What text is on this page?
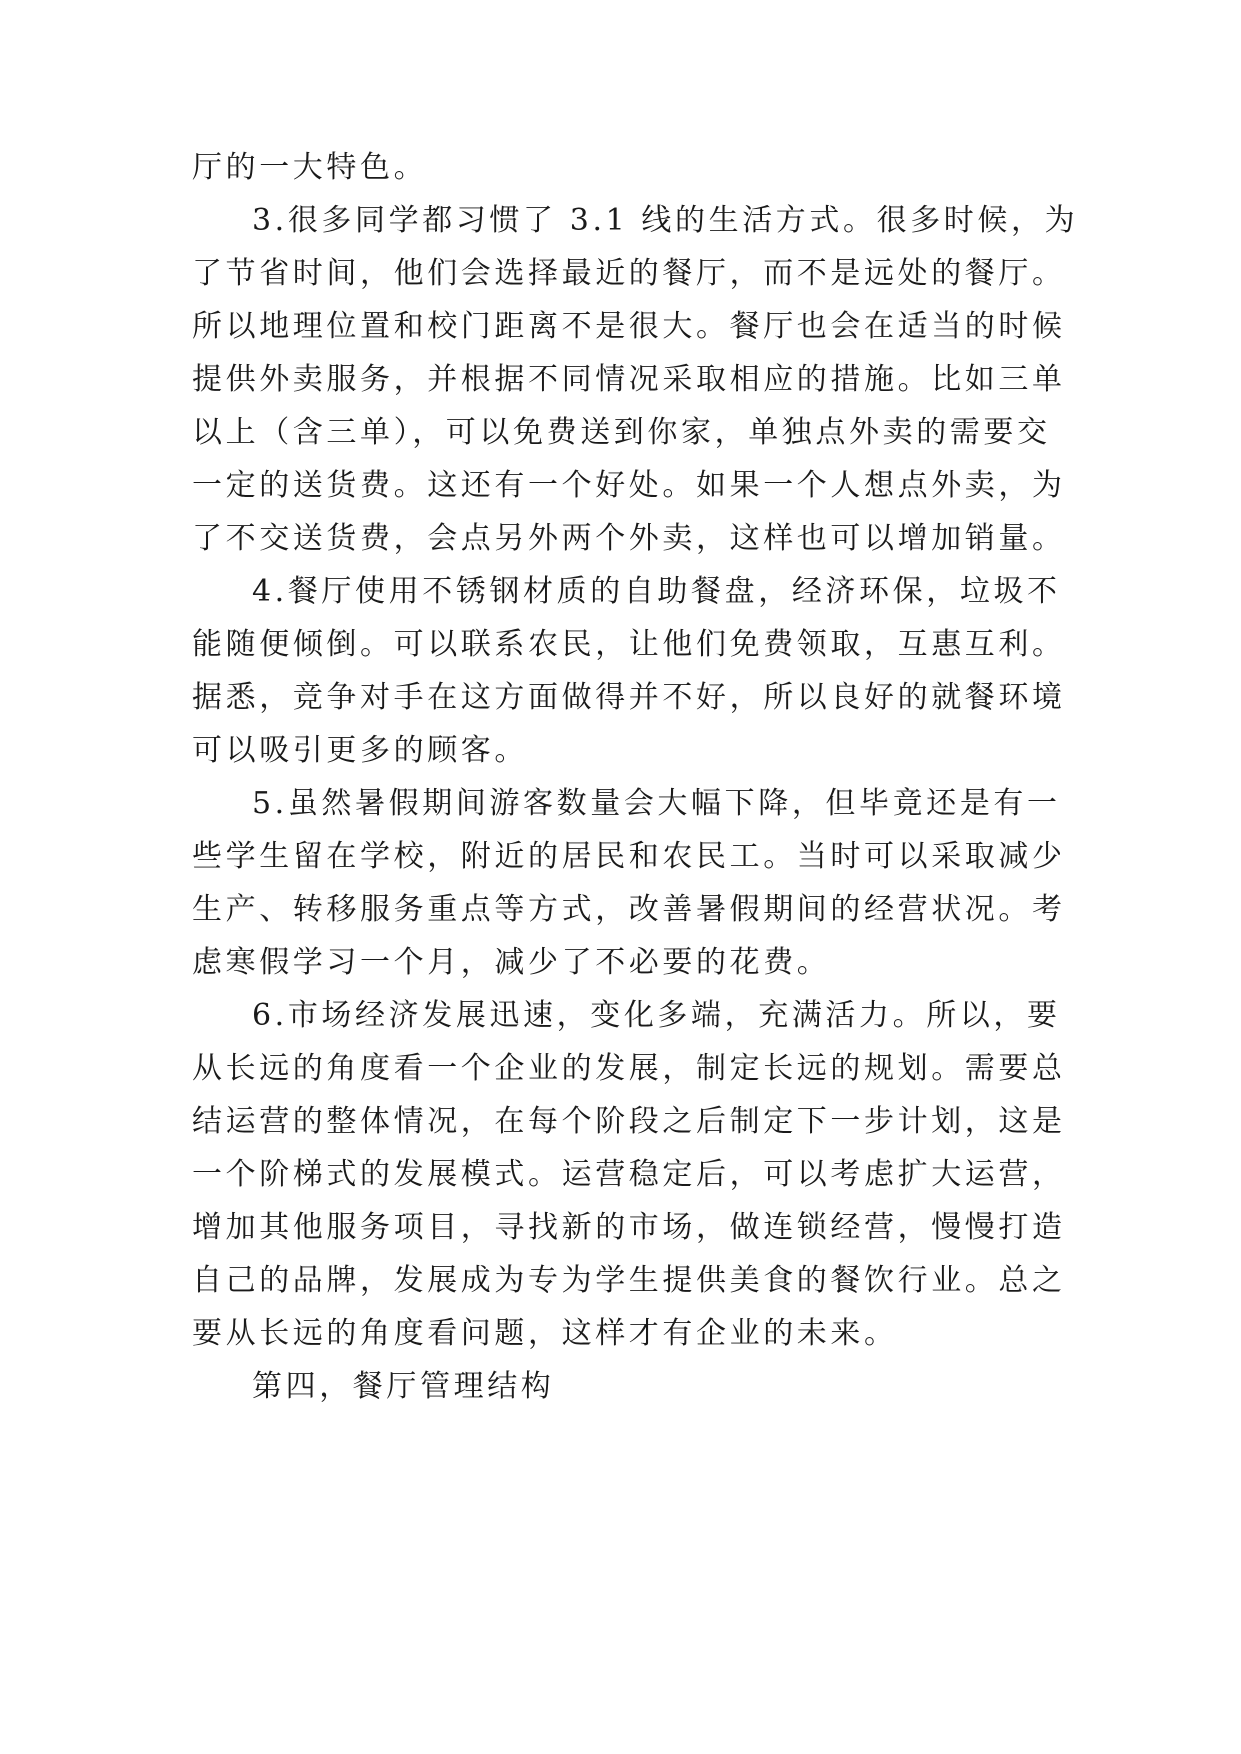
厅的一大特色。
3.很多同学都习惯了 3.1 线的生活方式。很多时候，为
了节省时间，他们会选择最近的餐厅，而不是远处的餐厅。
所以地理位置和校门距离不是很大。餐厅也会在适当的时候
提供外卖服务，并根据不同情况采取相应的措施。比如三单
以上（含三单），可以免费送到你家，单独点外卖的需要交
一定的送货费。这还有一个好处。如果一个人想点外卖，为
了不交送货费，会点另外两个外卖，这样也可以增加销量。
4.餐厅使用不锈钢材质的自助餐盘，经济环保，垃圾不
能随便倾倒。可以联系农民，让他们免费领取，互惠互利。
据悉，竞争对手在这方面做得并不好，所以良好的就餐环境
可以吸引更多的顾客。
5.虽然暑假期间游客数量会大幅下降，但毕竟还是有一
些学生留在学校，附近的居民和农民工。当时可以采取减少
生产、转移服务重点等方式，改善暑假期间的经营状况。考
虑寒假学习一个月，减少了不必要的花费。
6.市场经济发展迅速，变化多端，充满活力。所以，要
从长远的角度看一个企业的发展，制定长远的规划。需要总
结运营的整体情况，在每个阶段之后制定下一步计划，这是
一个阶梯式的发展模式。运营稳定后，可以考虑扩大运营，
增加其他服务项目，寻找新的市场，做连锁经营，慢慢打造
自己的品牌，发展成为专为学生提供美食的餐饮行业。总之
要从长远的角度看问题，这样才有企业的未来。
第四，餐厅管理结构
